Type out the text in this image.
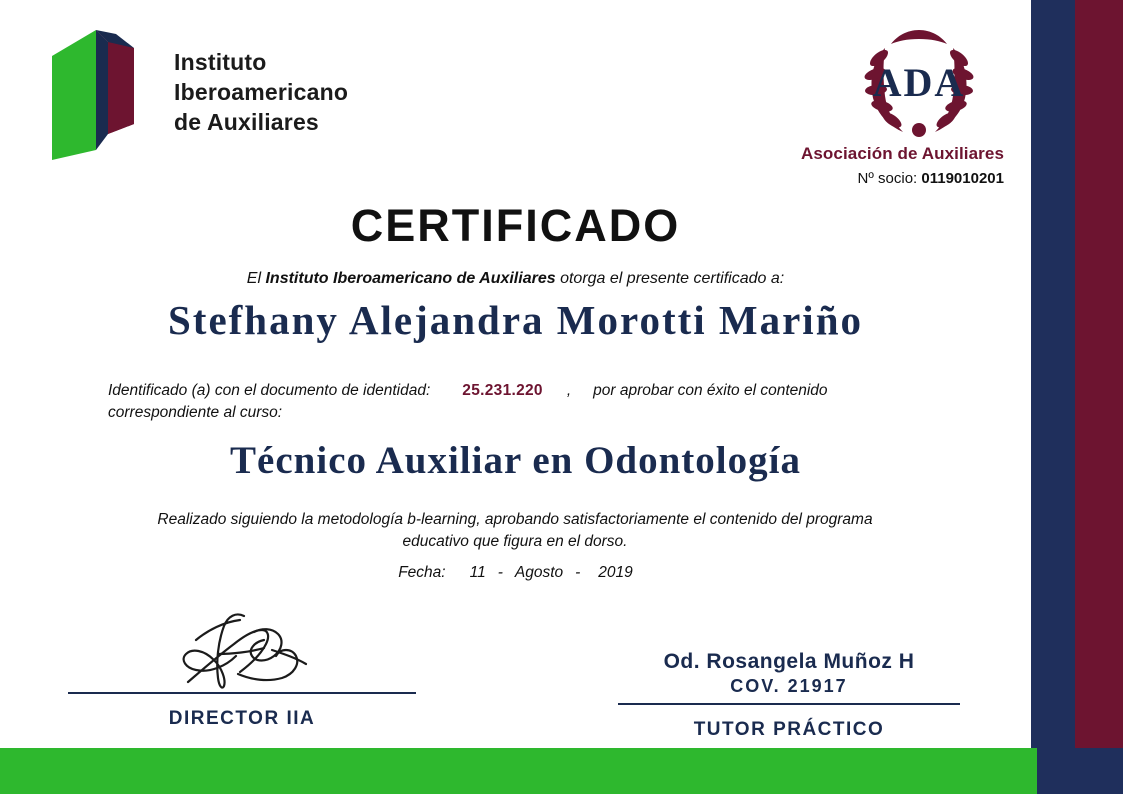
Instituto
Iberoamericano
de Auxiliares
ADA
Asociación de Auxiliares
Nº socio: 0119010201
CERTIFICADO
El Instituto Iberoamericano de Auxiliares otorga el presente certificado a:
Stefhany Alejandra Morotti Mariño
Identificado (a) con el documento de identidad: 25.231.220 , por aprobar con éxito el contenido correspondiente al curso:
Técnico Auxiliar en Odontología
Realizado siguiendo la metodología b-learning, aprobando satisfactoriamente el contenido del programa educativo que figura en el dorso.
Fecha: 11 - Agosto - 2019
DIRECTOR IIA
Od. Rosangela Muñoz H
COV. 21917
TUTOR PRÁCTICO
